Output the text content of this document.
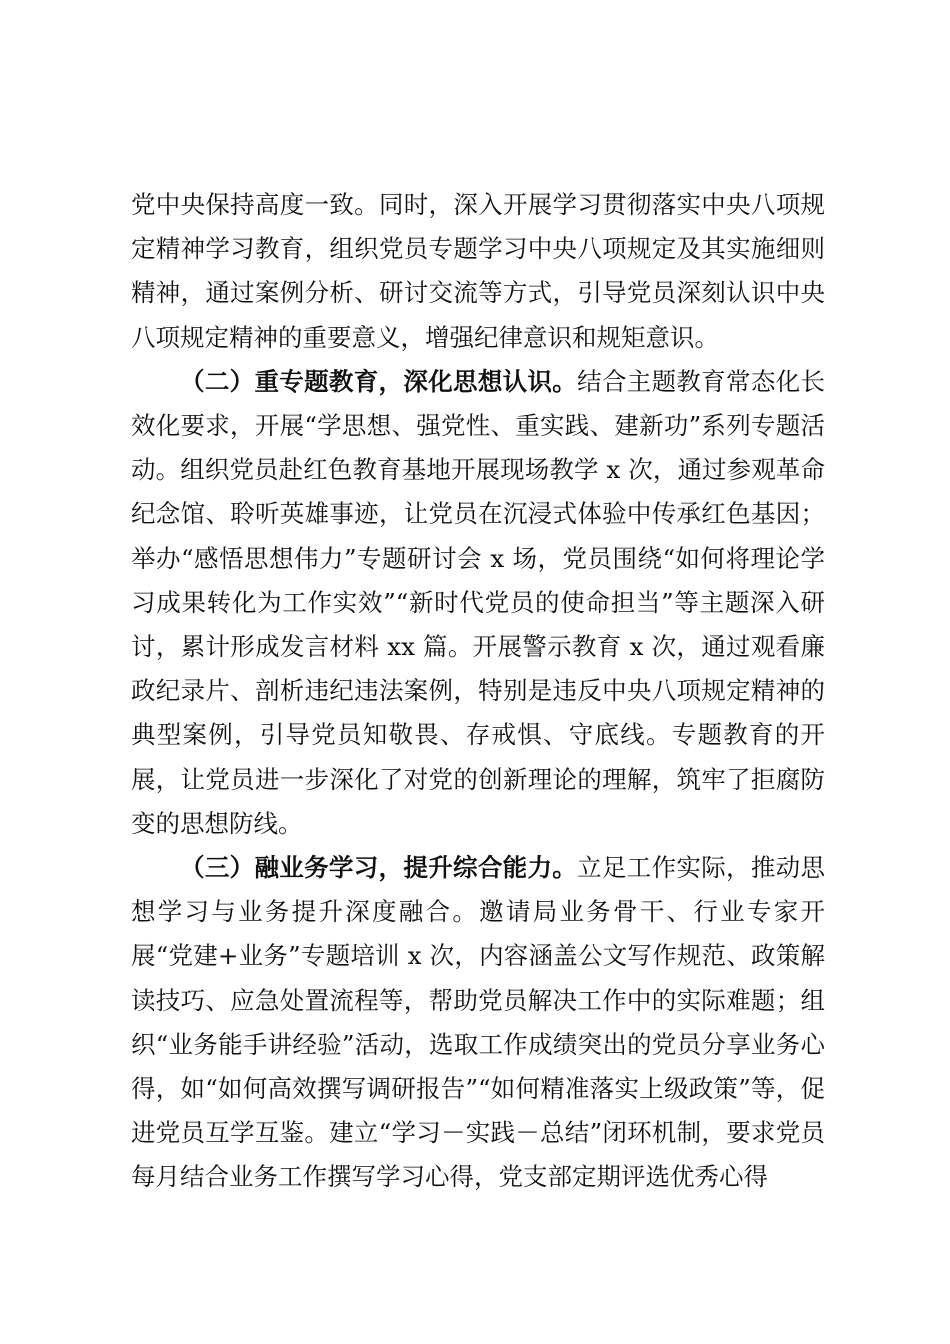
党中央保持高度一致。同时，深入开展学习贯彻落实中央八项规定精神学习教育，组织党员专题学习中央八项规定及其实施细则精神，通过案例分析、研讨交流等方式，引导党员深刻认识中央八项规定精神的重要意义，增强纪律意识和规矩意识。

（二）重专题教育，深化思想认识。结合主题教育常态化长效化要求，开展“学思想、强党性、重实践、建新功”系列专题活动。组织党员赴红色教育基地开展现场教学 x 次，通过参观革命纪念馆、聆听英雄事迹，让党员在沉浸式体验中传承红色基因；举办“感悟思想伟力”专题研讨会 x 场，党员围绕“如何将理论学习成果转化为工作实效”“新时代党员的使命担当”等主题深入研讨，累计形成发言材料 xx 篇。开展警示教育 x 次，通过观看廉政纪录片、剖析违纪违法案例，特别是违反中央八项规定精神的典型案例，引导党员知敬畏、存戒惧、守底线。专题教育的开展，让党员进一步深化了对党的创新理论的理解，筑牢了拒腐防变的思想防线。

（三）融业务学习，提升综合能力。立足工作实际，推动思想学习与业务提升深度融合。邀请局业务骨干、行业专家开展“党建+业务”专题培训 x 次，内容涵盖公文写作规范、政策解读技巧、应急处置流程等，帮助党员解决工作中的实际难题；组织“业务能手讲经验”活动，选取工作成绩突出的党员分享业务心得，如“如何高效撰写调研报告”“如何精准落实上级政策”等，促进党员互学互鉴。建立“学习－实践－总结”闭环机制，要求党员每月结合业务工作撰写学习心得，党支部定期评选优秀心得
